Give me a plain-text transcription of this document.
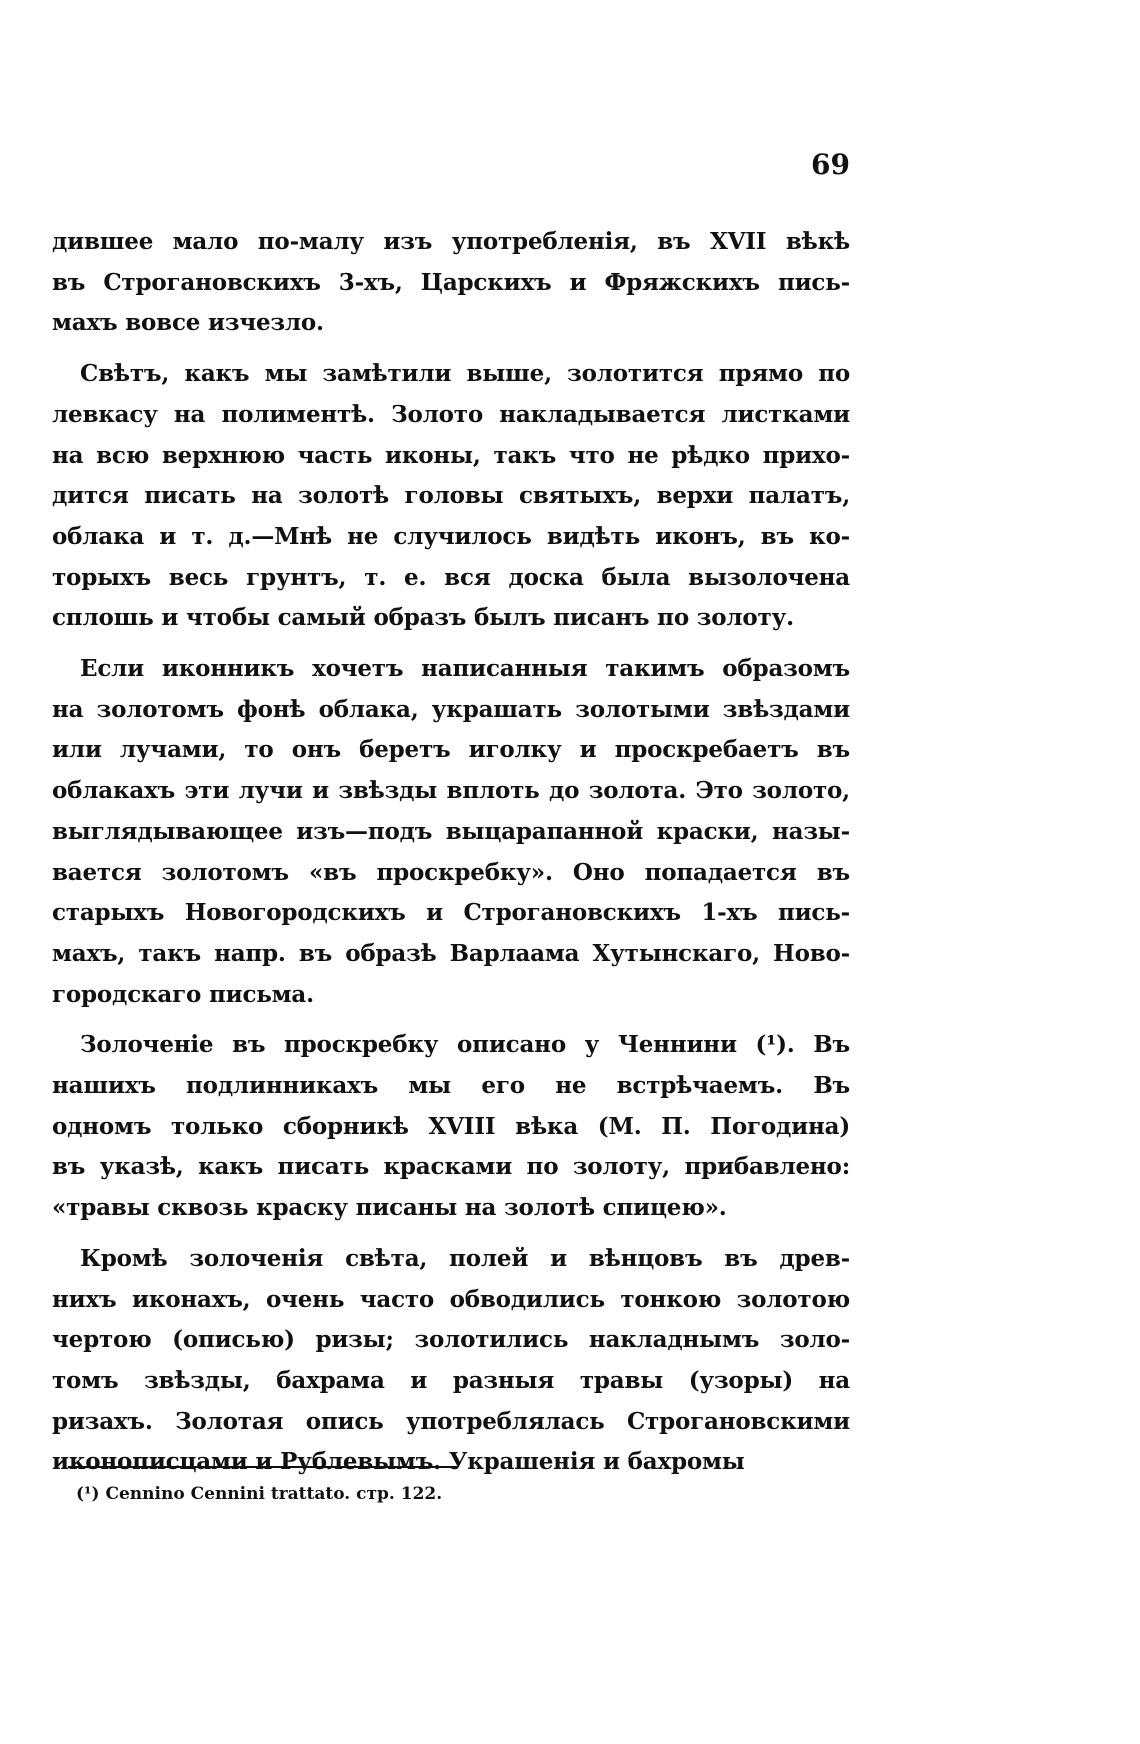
69
дившее мало по-малу изъ употребленія, въ XVII вѣкѣ
въ Строгановскихъ 3-хъ, Царскихъ и Фряжскихъ пись-
махъ вовсе изчезло.
Свѣтъ, какъ мы замѣтили выше, золотится прямо по
левкасу на полиментѣ. Золото накладывается листками
на всю верхнюю часть иконы, такъ что не рѣдко прихо-
дится писать на золотѣ головы святыхъ, верхи палатъ,
облака и т. д.—Мнѣ не случилось видѣть иконъ, въ ко-
торыхъ весь грунтъ, т. е. вся доска была вызолочена
сплошь и чтобы самый образъ былъ писанъ по золоту.
Если иконникъ хочетъ написанныя такимъ образомъ
на золотомъ фонѣ облака, украшать золотыми звѣздами
или лучами, то онъ беретъ иголку и проскребаетъ въ
облакахъ эти лучи и звѣзды вплоть до золота. Это золото,
выглядывающее изъ—подъ выцарапанной краски, назы-
вается золотомъ «въ проскребку». Оно попадается въ
старыхъ Новогородскихъ и Строгановскихъ 1-хъ пись-
махъ, такъ напр. въ образѣ Варлаама Хутынскаго, Ново-
городскаго письма.
Золоченіе въ проскребку описано у Ченнини (¹). Въ
нашихъ подлинникахъ мы его не встрѣчаемъ. Въ
одномъ только сборникѣ XVIII вѣка (М. П. Погодина)
въ указѣ, какъ писать красками по золоту, прибавлено:
«травы сквозь краску писаны на золотѣ спицею».
Кромѣ золоченія свѣта, полей и вѣнцовъ въ древ-
нихъ иконахъ, очень часто обводились тонкою золотою
чертою (описью) ризы; золотились накладнымъ золо-
томъ звѣзды, бахрама и разныя травы (узоры) на
ризахъ. Золотая опись употреблялась Строгановскими
иконописцами и Рублевымъ. Украшенія и бахромы
(¹) Cennino Cennini trattato. стр. 122.
